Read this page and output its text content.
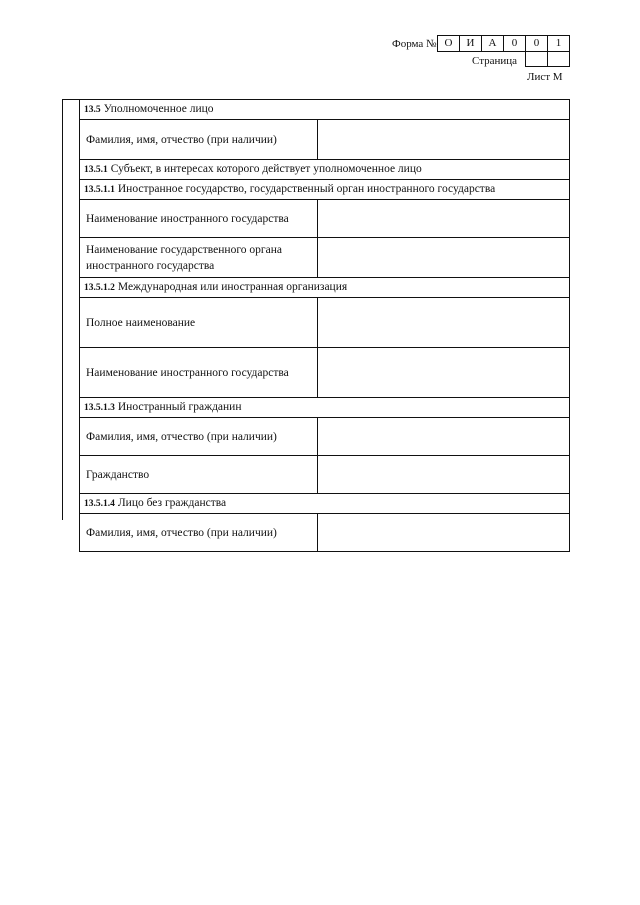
Форма № О	И	А	0	0	1
Страница
Лист М
13.5 Уполномоченное лицо	
Фамилия, имя, отчество (при наличии)	
13.5.1 Субъект, в интересах которого действует уполномоченное лицо	
13.5.1.1 Иностранное государство, государственный орган иностранного государства	
Наименование иностранного государства	
Наименование государственного органа иностранного государства	
13.5.1.2 Международная или иностранная организация	
Полное наименование	
Наименование иностранного государства	
13.5.1.3 Иностранный гражданин	
Фамилия, имя, отчество (при наличии)	
Гражданство	
13.5.1.4 Лицо без гражданства	
Фамилия, имя, отчество (при наличии)	
